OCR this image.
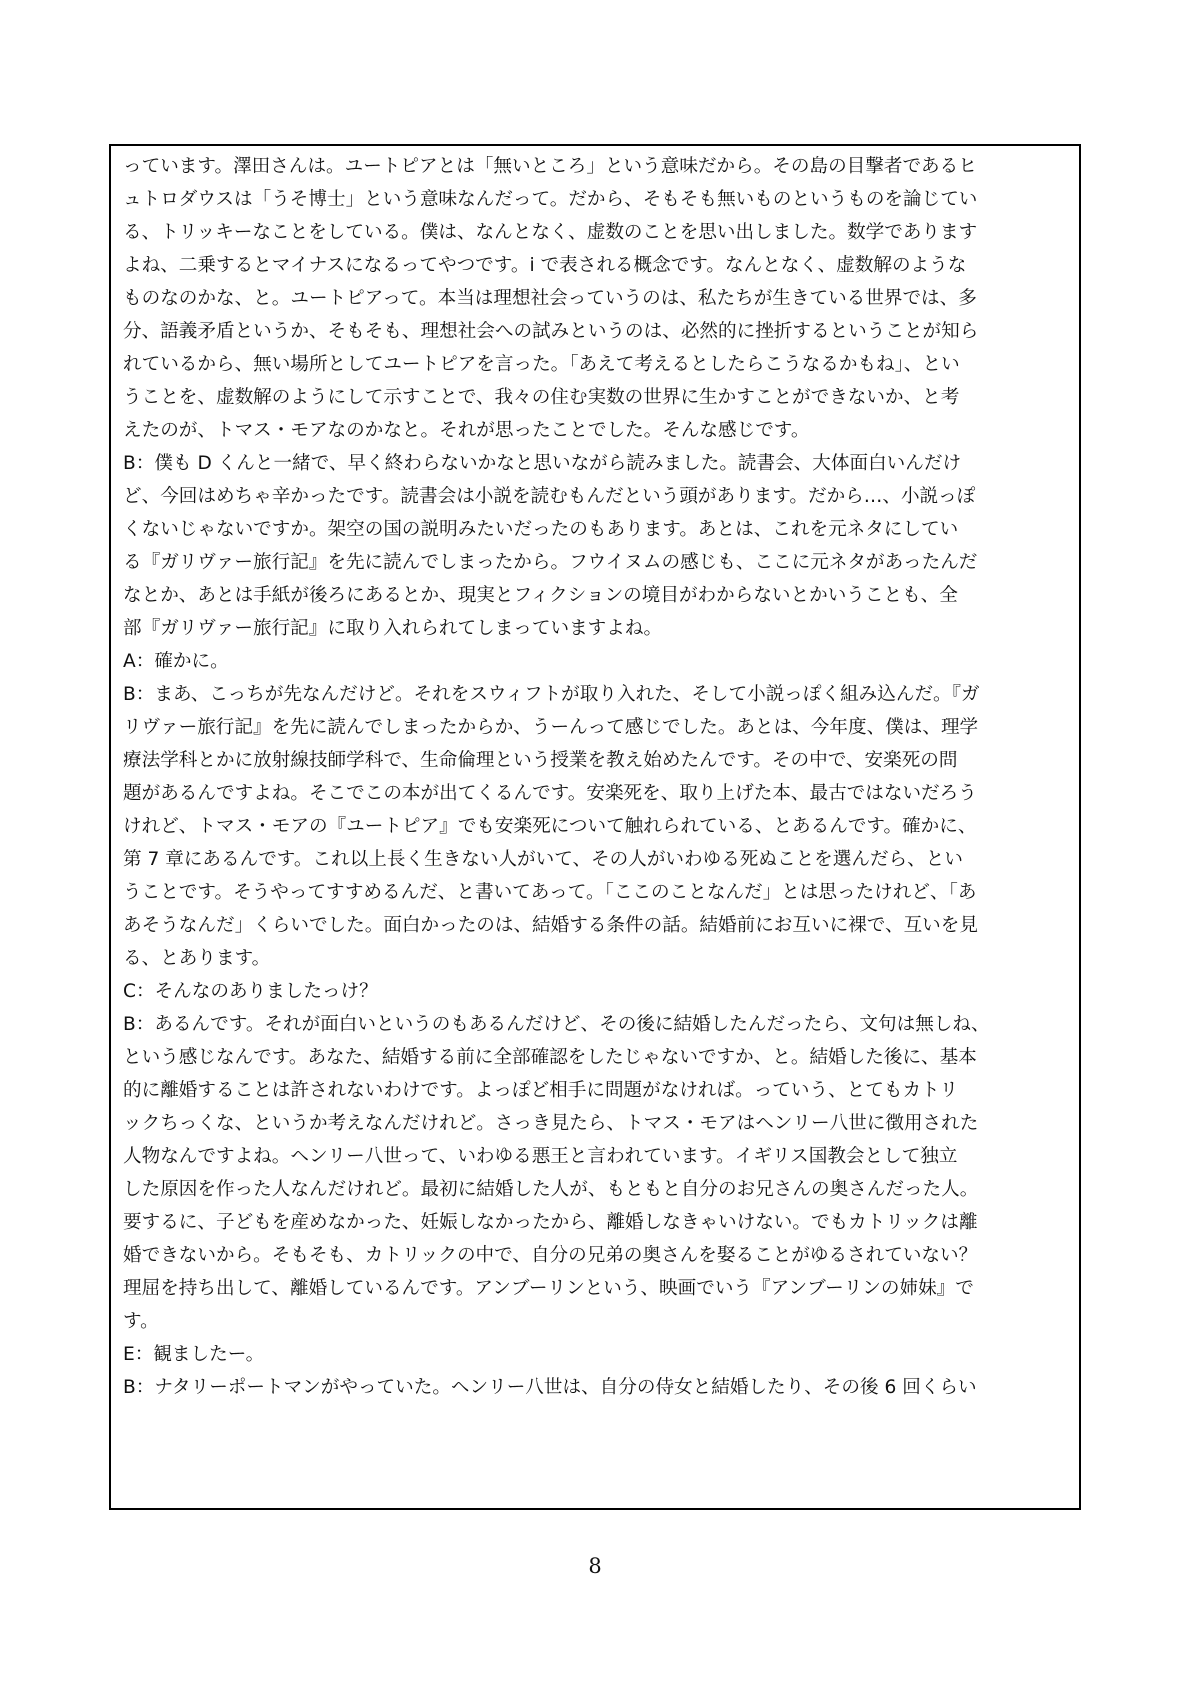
っています。澤田さんは。ユートピアとは「無いところ」という意味だから。その島の目撃者であるヒ
ュトロダウスは「うそ博士」という意味なんだって。だから、そもそも無いものというものを論じてい
る、トリッキーなことをしている。僕は、なんとなく、虚数のことを思い出しました。数学であります
よね、二乗するとマイナスになるってやつです。i で表される概念です。なんとなく、虚数解のような
ものなのかな、と。ユートピアって。本当は理想社会っていうのは、私たちが生きている世界では、多
分、語義矛盾というか、そもそも、理想社会への試みというのは、必然的に挫折するということが知ら
れているから、無い場所としてユートピアを言った。「あえて考えるとしたらこうなるかもね」、とい
うことを、虚数解のようにして示すことで、我々の住む実数の世界に生かすことができないか、と考
えたのが、トマス・モアなのかなと。それが思ったことでした。そんな感じです。
B：僕も D くんと一緒で、早く終わらないかなと思いながら読みました。読書会、大体面白いんだけ
ど、今回はめちゃ辛かったです。読書会は小説を読むもんだという頭があります。だから…、小説っぽ
くないじゃないですか。架空の国の説明みたいだったのもあります。あとは、これを元ネタにしてい
る『ガリヴァー旅行記』を先に読んでしまったから。フウイヌムの感じも、ここに元ネタがあったんだ
なとか、あとは手紙が後ろにあるとか、現実とフィクションの境目がわからないとかいうことも、全
部『ガリヴァー旅行記』に取り入れられてしまっていますよね。
A：確かに。
B：まあ、こっちが先なんだけど。それをスウィフトが取り入れた、そして小説っぽく組み込んだ。『ガ
リヴァー旅行記』を先に読んでしまったからか、うーんって感じでした。あとは、今年度、僕は、理学
療法学科とかに放射線技師学科で、生命倫理という授業を教え始めたんです。その中で、安楽死の問
題があるんですよね。そこでこの本が出てくるんです。安楽死を、取り上げた本、最古ではないだろう
けれど、トマス・モアの『ユートピア』でも安楽死について触れられている、とあるんです。確かに、
第 7 章にあるんです。これ以上長く生きない人がいて、その人がいわゆる死ぬことを選んだら、とい
うことです。そうやってすすめるんだ、と書いてあって。「ここのことなんだ」とは思ったけれど、「あ
あそうなんだ」くらいでした。面白かったのは、結婚する条件の話。結婚前にお互いに裸で、互いを見
る、とあります。
C：そんなのありましたっけ？
B：あるんです。それが面白いというのもあるんだけど、その後に結婚したんだったら、文句は無しね、
という感じなんです。あなた、結婚する前に全部確認をしたじゃないですか、と。結婚した後に、基本
的に離婚することは許されないわけです。よっぽど相手に問題がなければ。っていう、とてもカトリ
ックちっくな、というか考えなんだけれど。さっき見たら、トマス・モアはヘンリー八世に徴用された
人物なんですよね。ヘンリー八世って、いわゆる悪王と言われています。イギリス国教会として独立
した原因を作った人なんだけれど。最初に結婚した人が、もともと自分のお兄さんの奥さんだった人。
要するに、子どもを産めなかった、妊娠しなかったから、離婚しなきゃいけない。でもカトリックは離
婚できないから。そもそも、カトリックの中で、自分の兄弟の奥さんを娶ることがゆるされていない？
理屈を持ち出して、離婚しているんです。アンブーリンという、映画でいう『アンブーリンの姉妹』で
す。
E：観ましたー。
B：ナタリーポートマンがやっていた。ヘンリー八世は、自分の侍女と結婚したり、その後 6 回くらい
8
